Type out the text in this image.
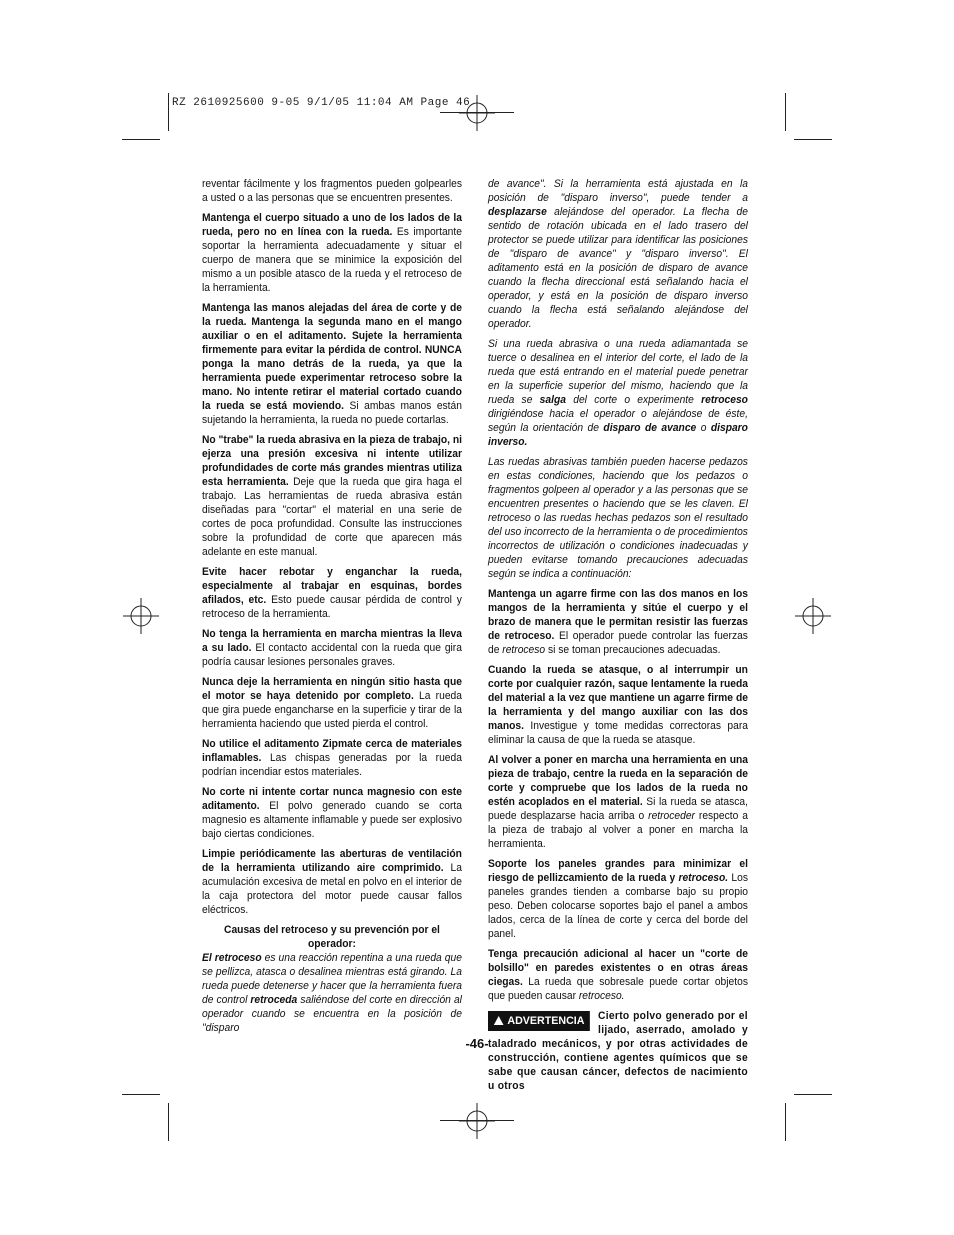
RZ 2610925600 9-05 9/1/05 11:04 AM Page 46

reventar fácilmente y los fragmentos pueden golpearles a usted o a las personas que se encuentren presentes.

Mantenga el cuerpo situado a uno de los lados de la rueda, pero no en línea con la rueda. Es importante soportar la herramienta adecuadamente y situar el cuerpo de manera que se minimice la exposición del mismo a un posible atasco de la rueda y el retroceso de la herramienta.

Mantenga las manos alejadas del área de corte y de la rueda. Mantenga la segunda mano en el mango auxiliar o en el aditamento. Sujete la herramienta firmemente para evitar la pérdida de control. NUNCA ponga la mano detrás de la rueda, ya que la herramienta puede experimentar retroceso sobre la mano. No intente retirar el material cortado cuando la rueda se está moviendo. Si ambas manos están sujetando la herramienta, la rueda no puede cortarlas.

No "trabe" la rueda abrasiva en la pieza de trabajo, ni ejerza una presión excesiva ni intente utilizar profundidades de corte más grandes mientras utiliza esta herramienta. Deje que la rueda que gira haga el trabajo. Las herramientas de rueda abrasiva están diseñadas para "cortar" el material en una serie de cortes de poca profundidad. Consulte las instrucciones sobre la profundidad de corte que aparecen más adelante en este manual.

Evite hacer rebotar y enganchar la rueda, especialmente al trabajar en esquinas, bordes afilados, etc. Esto puede causar pérdida de control y retroceso de la herramienta.

No tenga la herramienta en marcha mientras la lleva a su lado. El contacto accidental con la rueda que gira podría causar lesiones personales graves.

Nunca deje la herramienta en ningún sitio hasta que el motor se haya detenido por completo. La rueda que gira puede engancharse en la superficie y tirar de la herramienta haciendo que usted pierda el control.

No utilice el aditamento Zipmate cerca de materiales inflamables. Las chispas generadas por la rueda podrían incendiar estos materiales.

No corte ni intente cortar nunca magnesio con este aditamento. El polvo generado cuando se corta magnesio es altamente inflamable y puede ser explosivo bajo ciertas condiciones.

Limpie periódicamente las aberturas de ventilación de la herramienta utilizando aire comprimido. La acumulación excesiva de metal en polvo en el interior de la caja protectora del motor puede causar fallos eléctricos.

Causas del retroceso y su prevención por el operador:

El retroceso es una reacción repentina a una rueda que se pellizca, atasca o desalinea mientras está girando. La rueda puede detenerse y hacer que la herramienta fuera de control retroceda saliéndose del corte en dirección al operador cuando se encuentra en la posición de "disparo

de avance". Si la herramienta está ajustada en la posición de "disparo inverso", puede tender a desplazarse alejándose del operador. La flecha de sentido de rotación ubicada en el lado trasero del protector se puede utilizar para identificar las posiciones de "disparo de avance" y "disparo inverso". El aditamento está en la posición de disparo de avance cuando la flecha direccional está señalando hacia el operador, y está en la posición de disparo inverso cuando la flecha está señalando alejándose del operador.

Si una rueda abrasiva o una rueda adiamantada se tuerce o desalinea en el interior del corte, el lado de la rueda que está entrando en el material puede penetrar en la superficie superior del mismo, haciendo que la rueda se salga del corte o experimente retroceso dirigiéndose hacia el operador o alejándose de éste, según la orientación de disparo de avance o disparo inverso.

Las ruedas abrasivas también pueden hacerse pedazos en estas condiciones, haciendo que los pedazos o fragmentos golpeen al operador y a las personas que se encuentren presentes o haciendo que se les claven. El retroceso o las ruedas hechas pedazos son el resultado del uso incorrecto de la herramienta o de procedimientos incorrectos de utilización o condiciones inadecuadas y pueden evitarse tomando precauciones adecuadas según se indica a continuación:

Mantenga un agarre firme con las dos manos en los mangos de la herramienta y sitúe el cuerpo y el brazo de manera que le permitan resistir las fuerzas de retroceso. El operador puede controlar las fuerzas de retroceso si se toman precauciones adecuadas.

Cuando la rueda se atasque, o al interrumpir un corte por cualquier razón, saque lentamente la rueda del material a la vez que mantiene un agarre firme de la herramienta y del mango auxiliar con las dos manos. Investigue y tome medidas correctoras para eliminar la causa de que la rueda se atasque.

Al volver a poner en marcha una herramienta en una pieza de trabajo, centre la rueda en la separación de corte y compruebe que los lados de la rueda no estén acoplados en el material. Si la rueda se atasca, puede desplazarse hacia arriba o retroceder respecto a la pieza de trabajo al volver a poner en marcha la herramienta.

Soporte los paneles grandes para minimizar el riesgo de pellizcamiento de la rueda y retroceso. Los paneles grandes tienden a combarse bajo su propio peso. Deben colocarse soportes bajo el panel a ambos lados, cerca de la línea de corte y cerca del borde del panel.

Tenga precaución adicional al hacer un "corte de bolsillo" en paredes existentes o en otras áreas ciegas. La rueda que sobresale puede cortar objetos que pueden causar retroceso.

ADVERTENCIA	Cierto polvo generado por el lijado, aserrado, amolado y taladrado mecánicos, y por otras actividades de construcción, contiene agentes químicos que se sabe que causan cáncer, defectos de nacimiento u otros
-46-
